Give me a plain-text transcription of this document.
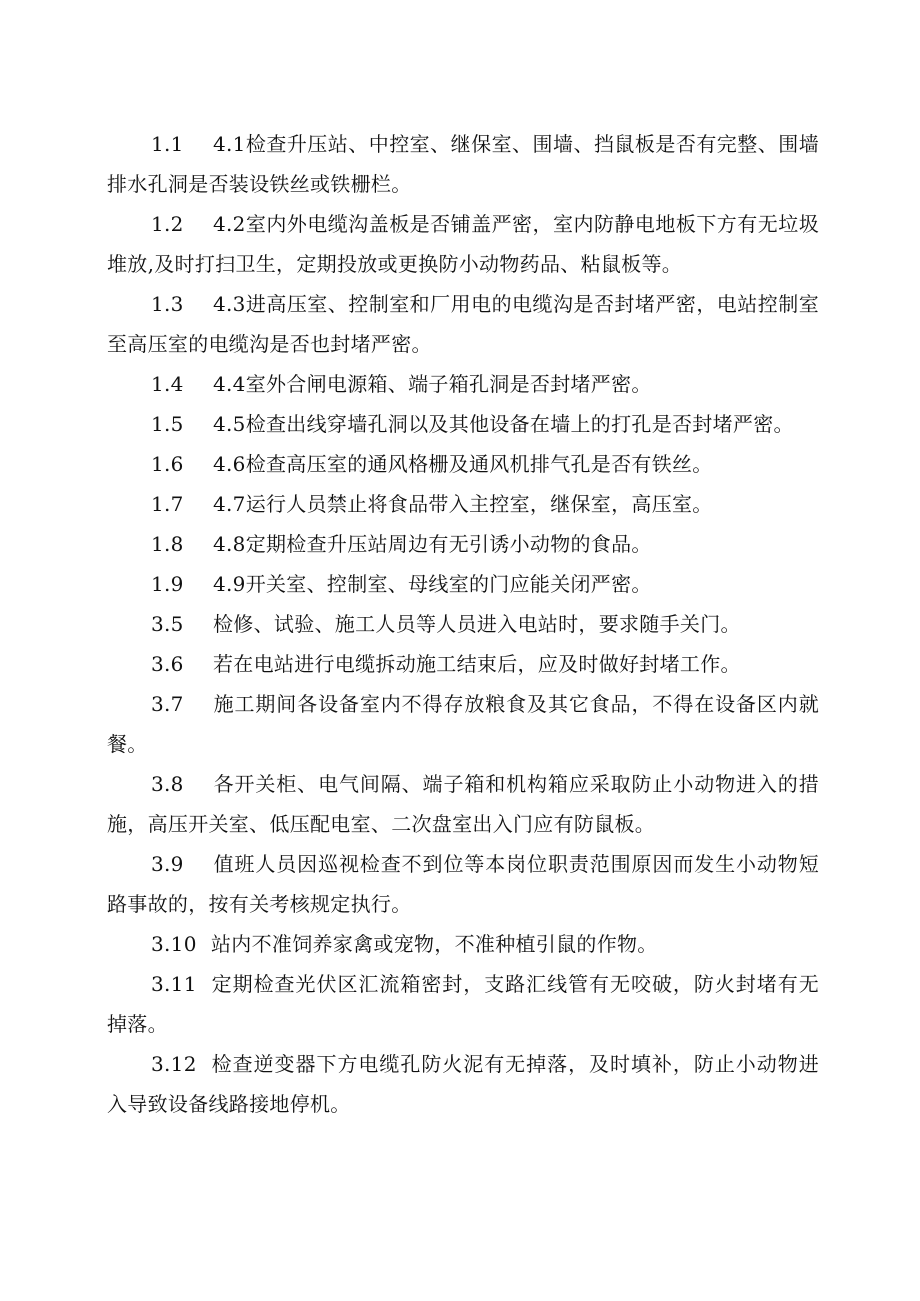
1.1 4.1检查升压站、中控室、继保室、围墙、挡鼠板是否有完整、围墙排水孔洞是否装设铁丝或铁栅栏。

1.2 4.2室内外电缆沟盖板是否铺盖严密，室内防静电地板下方有无垃圾堆放,及时打扫卫生，定期投放或更换防小动物药品、粘鼠板等。

1.3 4.3进高压室、控制室和厂用电的电缆沟是否封堵严密，电站控制室至高压室的电缆沟是否也封堵严密。

1.4 4.4室外合闸电源箱、端子箱孔洞是否封堵严密。

1.5 4.5检查出线穿墙孔洞以及其他设备在墙上的打孔是否封堵严密。

1.6 4.6检查高压室的通风格栅及通风机排气孔是否有铁丝。

1.7 4.7运行人员禁止将食品带入主控室，继保室，高压室。

1.8 4.8定期检查升压站周边有无引诱小动物的食品。

1.9 4.9开关室、控制室、母线室的门应能关闭严密。

3.5 检修、试验、施工人员等人员进入电站时，要求随手关门。

3.6 若在电站进行电缆拆动施工结束后，应及时做好封堵工作。

3.7 施工期间各设备室内不得存放粮食及其它食品，不得在设备区内就餐。

3.8 各开关柜、电气间隔、端子箱和机构箱应采取防止小动物进入的措施，高压开关室、低压配电室、二次盘室出入门应有防鼠板。

3.9 值班人员因巡视检查不到位等本岗位职责范围原因而发生小动物短路事故的，按有关考核规定执行。

3.10 站内不准饲养家禽或宠物，不准种植引鼠的作物。

3.11 定期检查光伏区汇流箱密封，支路汇线管有无咬破，防火封堵有无掉落。

3.12 检查逆变器下方电缆孔防火泥有无掉落，及时填补，防止小动物进入导致设备线路接地停机。
